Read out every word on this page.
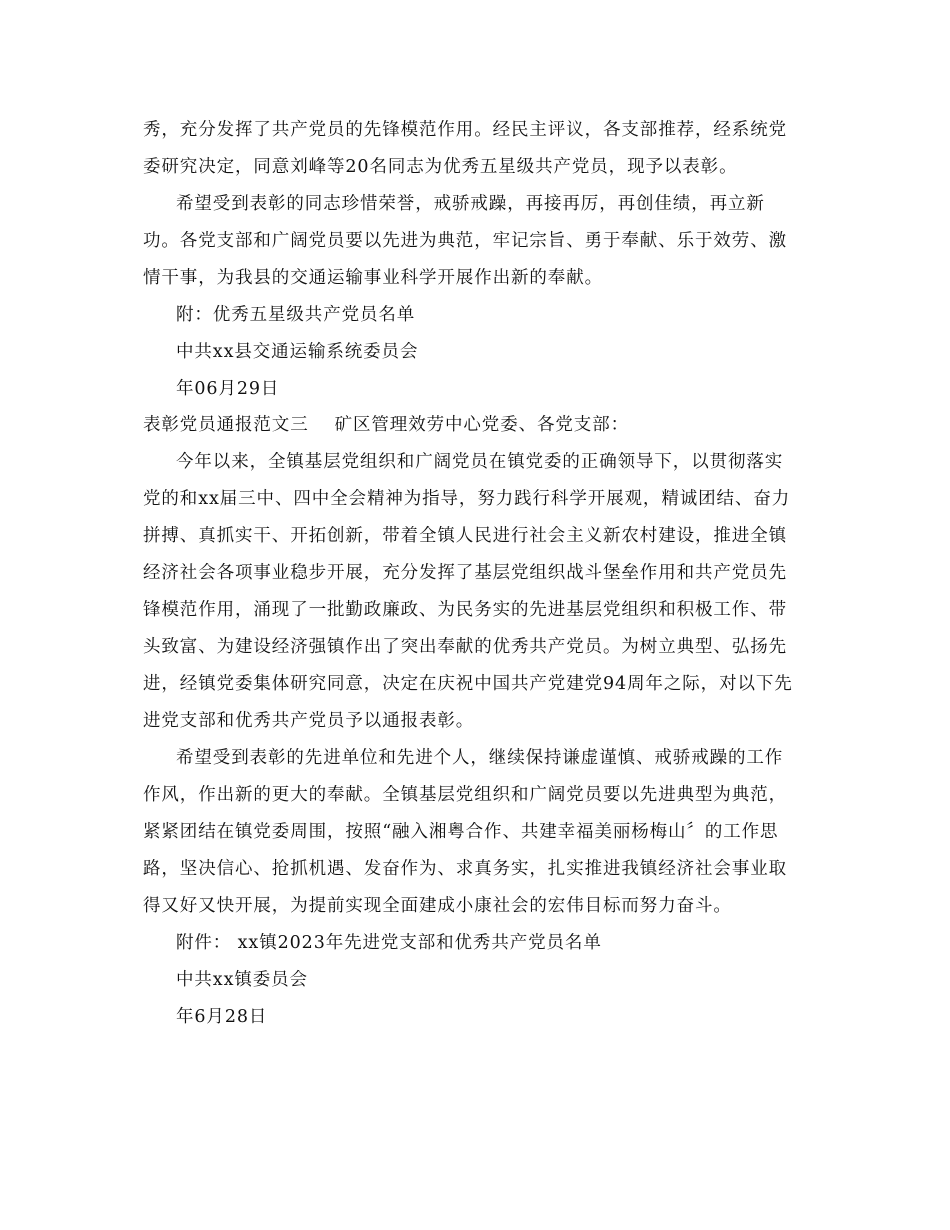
秀，充分发挥了共产党员的先锋模范作用。经民主评议，各支部推荐，经系统党
委研究决定，同意刘峰等20名同志为优秀五星级共产党员，现予以表彰。
希望受到表彰的同志珍惜荣誉，戒骄戒躁，再接再厉，再创佳绩，再立新
功。各党支部和广阔党员要以先进为典范，牢记宗旨、勇于奉献、乐于效劳、激
情干事，为我县的交通运输事业科学开展作出新的奉献。
附：优秀五星级共产党员名单
中共xx县交通运输系统委员会
年06月29日
表彰党员通报范文三 矿区管理效劳中心党委、各党支部：
今年以来，全镇基层党组织和广阔党员在镇党委的正确领导下，以贯彻落实
党的和xx届三中、四中全会精神为指导，努力践行科学开展观，精诚团结、奋力
拼搏、真抓实干、开拓创新，带着全镇人民进行社会主义新农村建设，推进全镇
经济社会各项事业稳步开展，充分发挥了基层党组织战斗堡垒作用和共产党员先
锋模范作用，涌现了一批勤政廉政、为民务实的先进基层党组织和积极工作、带
头致富、为建设经济强镇作出了突出奉献的优秀共产党员。为树立典型、弘扬先
进，经镇党委集体研究同意，决定在庆祝中国共产党建党94周年之际，对以下先
进党支部和优秀共产党员予以通报表彰。
希望受到表彰的先进单位和先进个人，继续保持谦虚谨慎、戒骄戒躁的工作
作风，作出新的更大的奉献。全镇基层党组织和广阔党员要以先进典型为典范，
紧紧团结在镇党委周围，按照“融入湘粤合作、共建幸福美丽杨梅山〞的工作思
路，坚决信心、抢抓机遇、发奋作为、求真务实，扎实推进我镇经济社会事业取
得又好又快开展，为提前实现全面建成小康社会的宏伟目标而努力奋斗。
附件： xx镇2023年先进党支部和优秀共产党员名单
中共xx镇委员会
年6月28日
